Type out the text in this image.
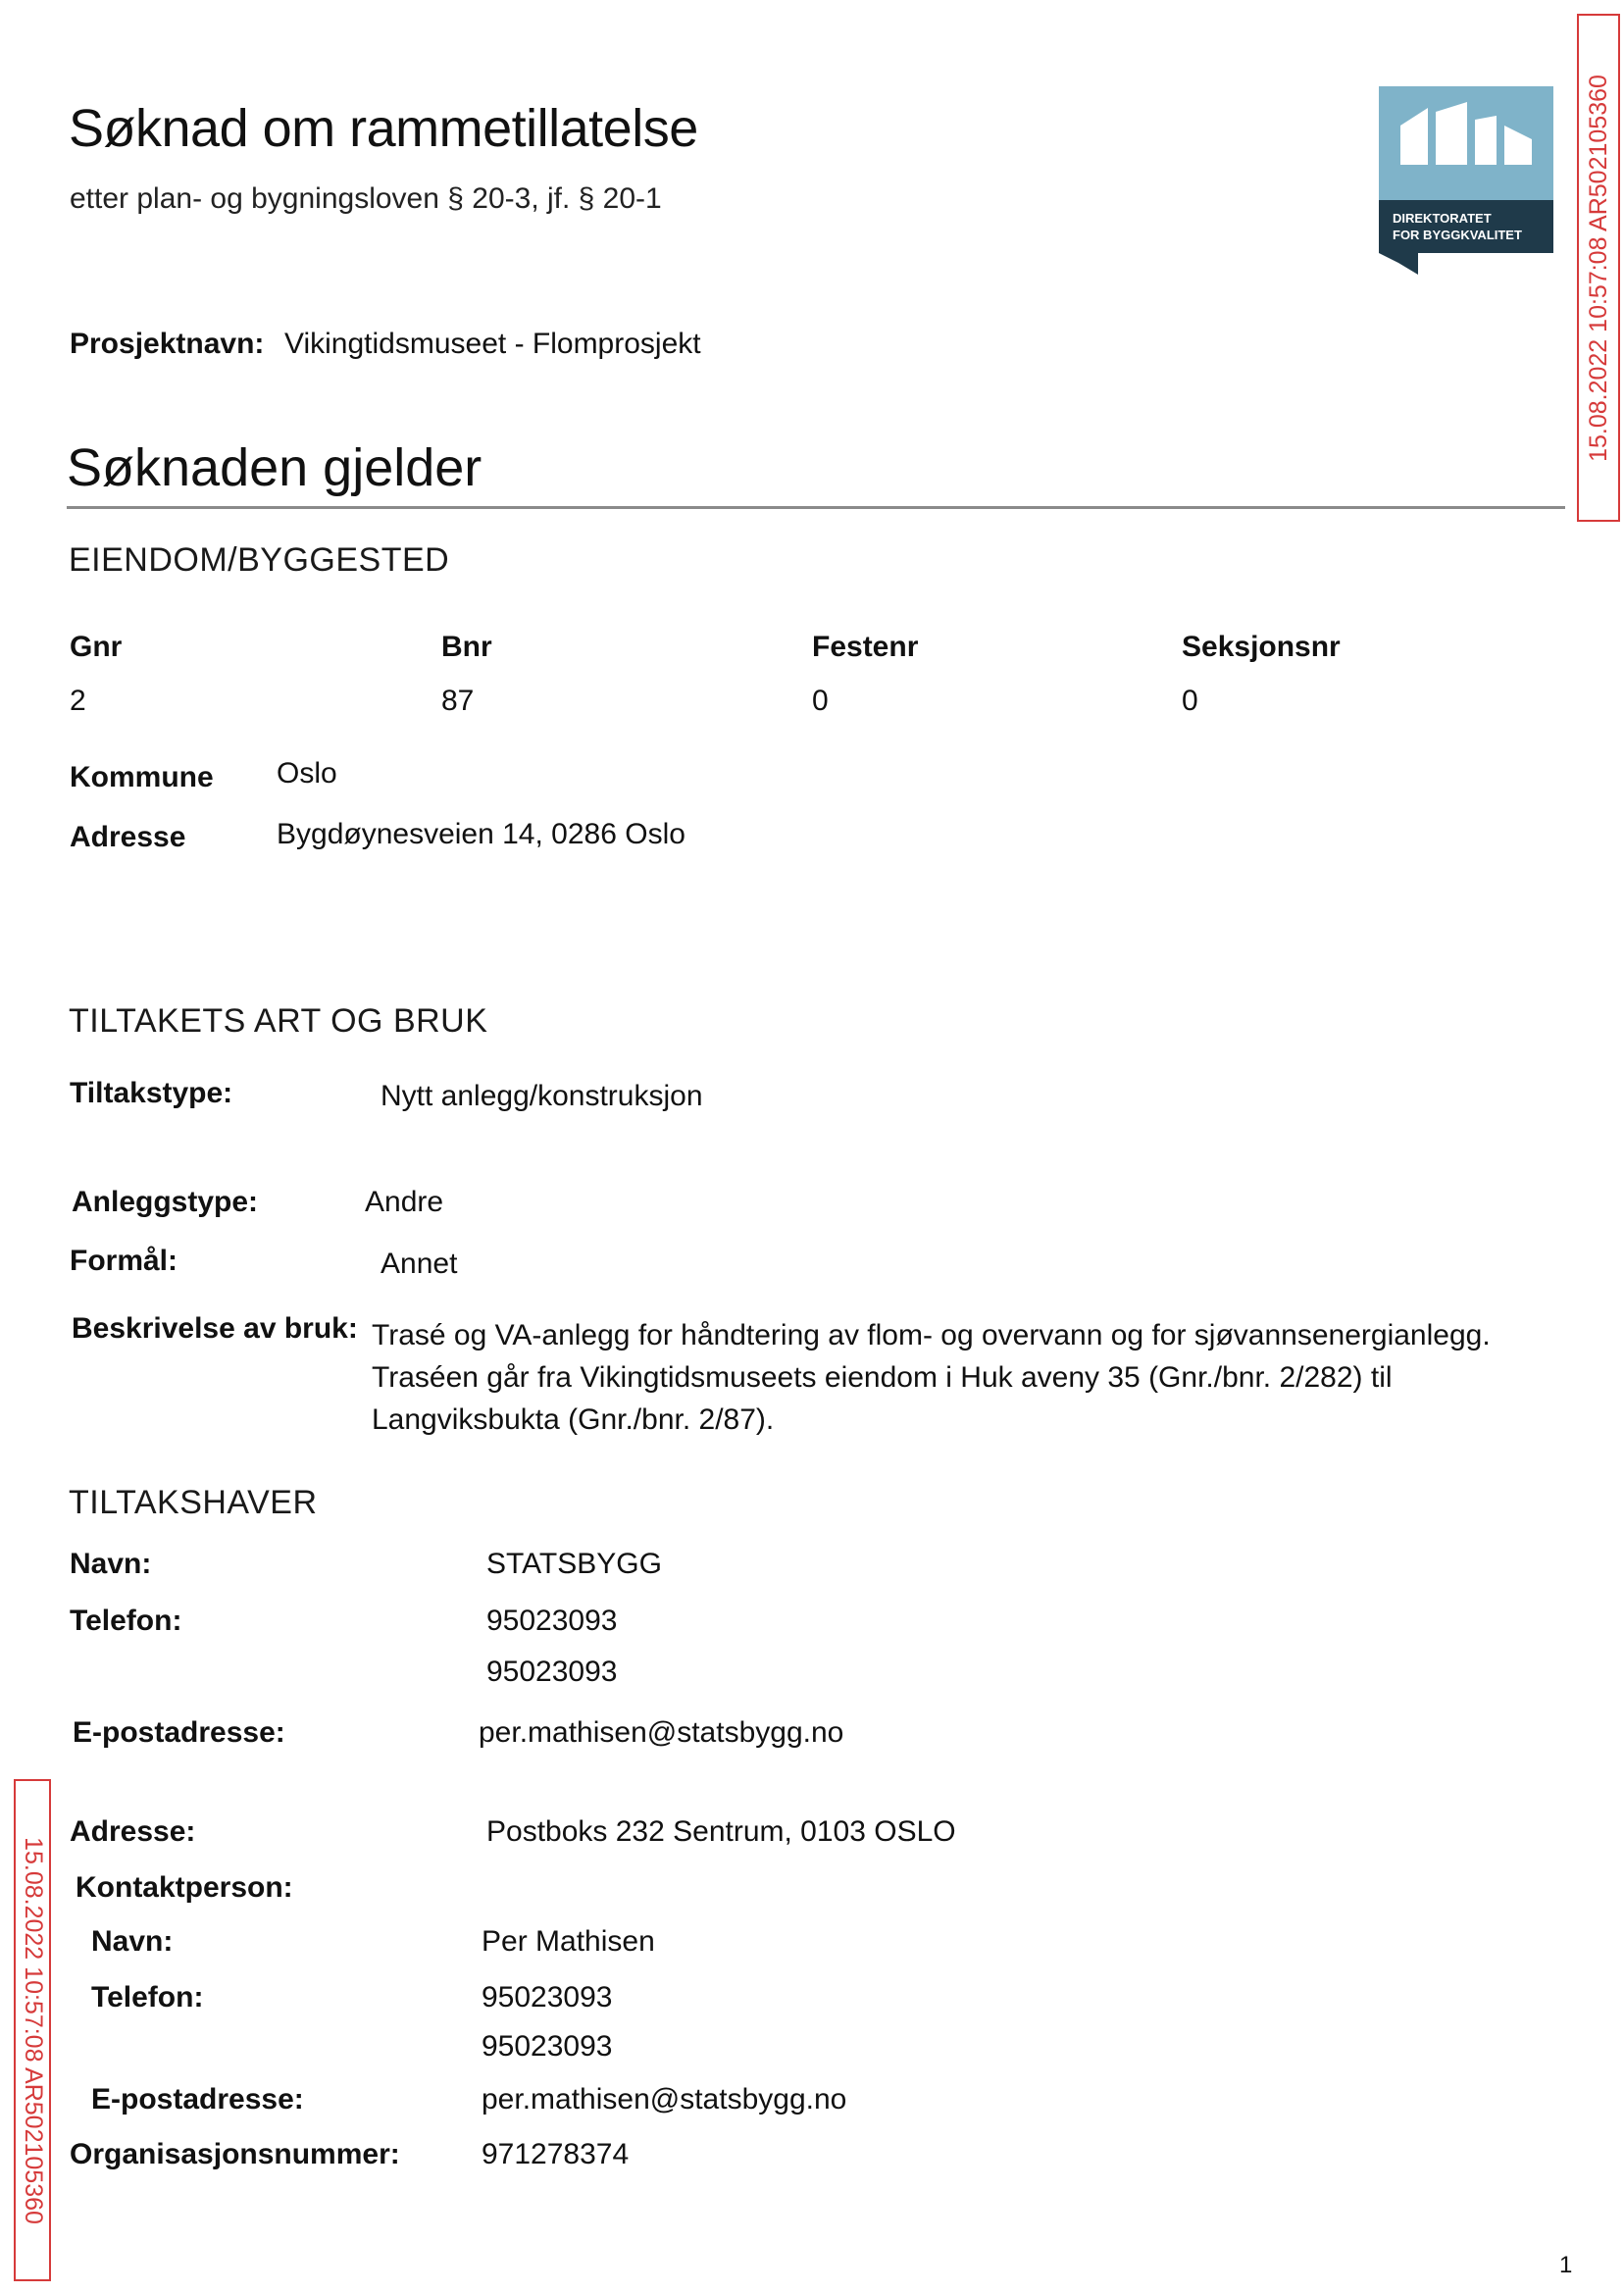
Søknad om rammetillatelse
etter plan- og bygningsloven § 20-3, jf. § 20-1
DIREKTORATET
FOR BYGGKVALITET	15.08.2022 10:57:08 AR502105360
15.08.2022 10:57:08 AR502105360
Prosjektnavn: Vikingtidsmuseet - Flomprosjekt
Søknaden gjelder
EIENDOM/BYGGESTED
Gnr	Bnr	Festenr	Seksjonsnr
2	87	0	0
Kommune Oslo
Adresse	Bygdøynesveien 14, 0286 Oslo
TILTAKETS ART OG BRUK
Tiltakstype:	Nytt anlegg/konstruksjon
Anleggstype:	Andre
Formål:	Annet
Beskrivelse av bruk: Trasé og VA-anlegg for håndtering av flom- og overvann og for sjøvannsenergianlegg. Traséen går fra Vikingtidsmuseets eiendom i Huk aveny 35 (Gnr./bnr. 2/282) til Langviksbukta (Gnr./bnr. 2/87).
TILTAKSHAVER
Navn:	STATSBYGG
Telefon:	95023093
95023093
E-postadresse:	per.mathisen@statsbygg.no
Adresse:	Postboks 232 Sentrum, 0103 OSLO
Kontaktperson:
Navn:	Per Mathisen
Telefon:	95023093
95023093
E-postadresse:	per.mathisen@statsbygg.no
Organisasjonsnummer:	971278374
1
